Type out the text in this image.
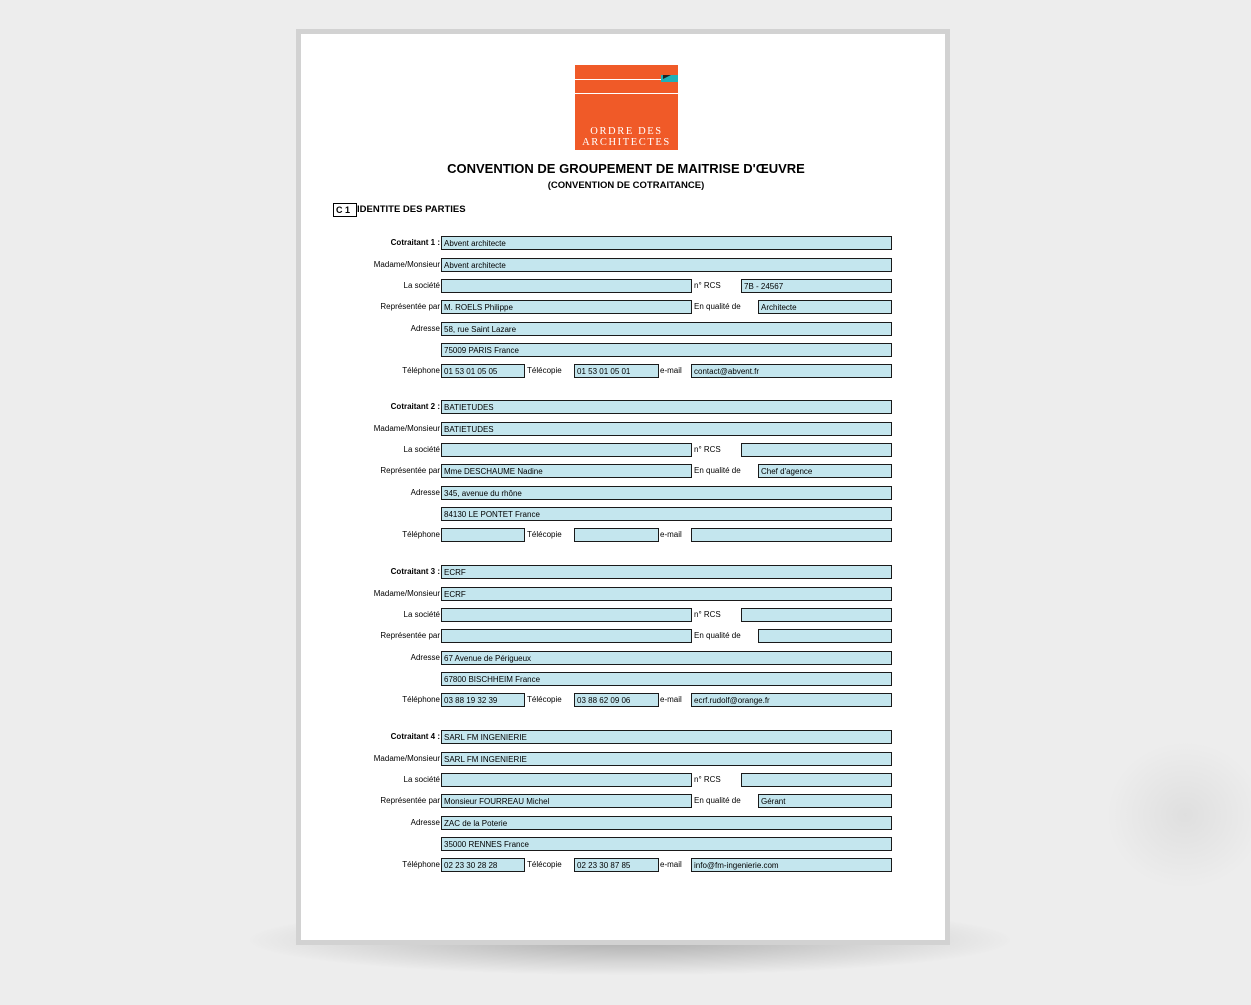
ORDRE DES
ARCHITECTES
CONVENTION DE GROUPEMENT DE MAITRISE D'ŒUVRE
(CONVENTION DE COTRAITANCE)
C 1 IDENTITE DES PARTIES
Cotraitant 1 : Abvent architecte
Madame/Monsieur Abvent architecte
La société	n° RCS	7B - 24567
Représentée par M. ROELS Philippe	En qualité de	Architecte
Adresse 58, rue Saint Lazare
75009 PARIS France
Téléphone 01 53 01 05 05	Télécopie	01 53 01 05 01	e-mail	contact@abvent.fr
Cotraitant 2 : BATIETUDES
Madame/Monsieur BATIETUDES
La société	n° RCS
Représentée par Mme DESCHAUME Nadine	En qualité de	Chef d'agence
Adresse 345, avenue du rhône
84130 LE PONTET France
Téléphone	Télécopie	e-mail
Cotraitant 3 : ECRF
Madame/Monsieur ECRF
La société	n° RCS
Représentée par	En qualité de
Adresse 67 Avenue de Périgueux
67800 BISCHHEIM France
Téléphone 03 88 19 32 39	Télécopie	03 88 62 09 06	e-mail	ecrf.rudolf@orange.fr
Cotraitant 4 : SARL FM INGENIERIE
Madame/Monsieur SARL FM INGENIERIE
La société	n° RCS
Représentée par Monsieur FOURREAU Michel	En qualité de	Gérant
Adresse ZAC de la Poterie
35000 RENNES France
Téléphone 02 23 30 28 28	Télécopie	02 23 30 87 85	e-mail	info@fm-ingenierie.com
